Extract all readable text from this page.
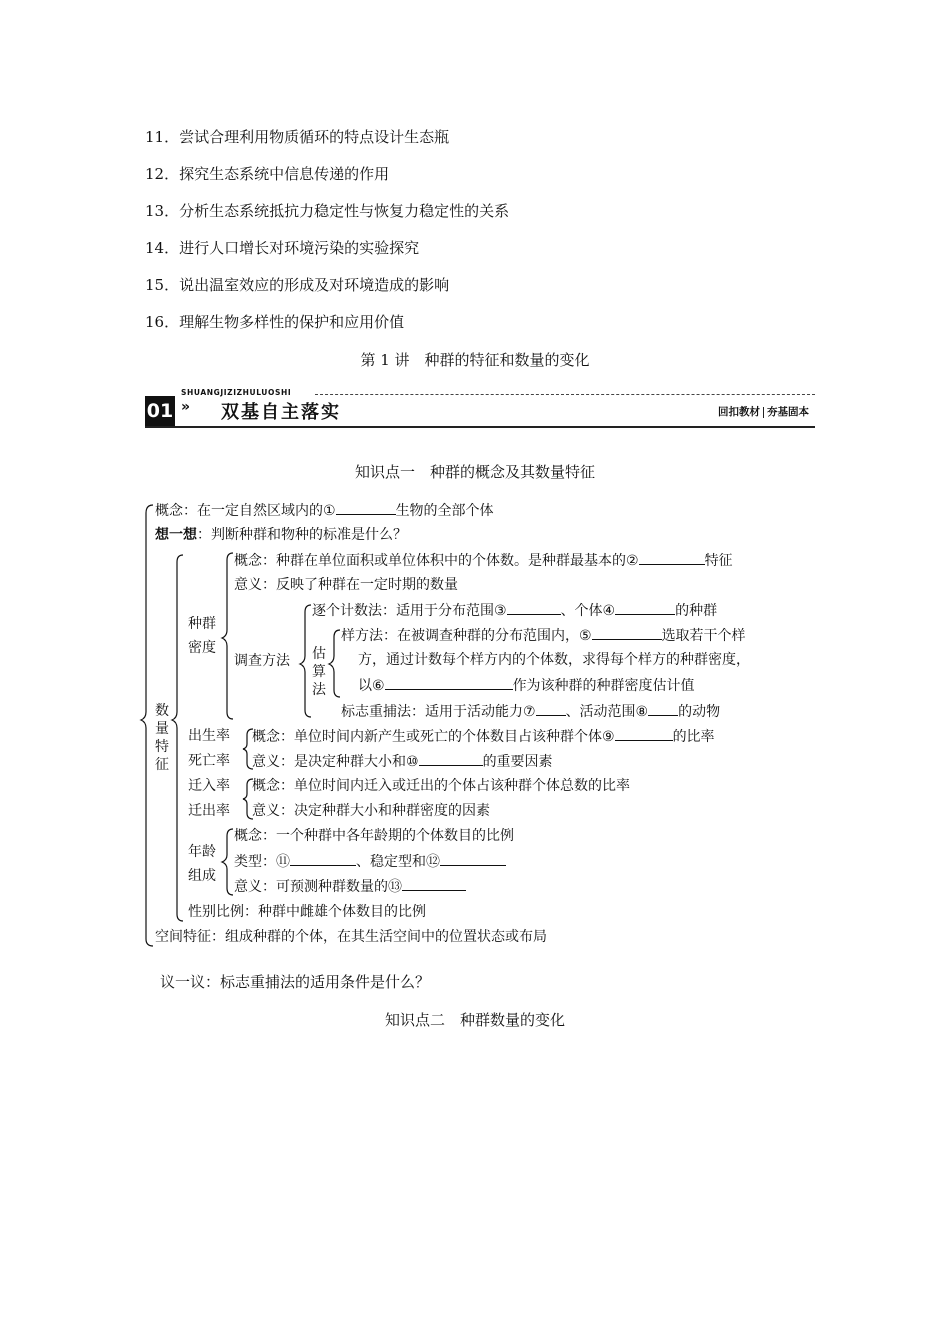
11．尝试合理利用物质循环的特点设计生态瓶
12．探究生态系统中信息传递的作用
13．分析生态系统抵抗力稳定性与恢复力稳定性的关系
14．进行人口增长对环境污染的实验探究
15．说出温室效应的形成及对环境造成的影响
16．理解生物多样性的保护和应用价值
第 1 讲　种群的特征和数量的变化
01
SHUANGJIZIZHULUOSHI
» 双基自主落实	回扣教材 夯基固本
知识点一　种群的概念及其数量特征
概念：在一定自然区域内的①	生物的全部个体
想一想：判断种群和物种的标准是什么？
数量特征
种群密度
概念：种群在单位面积或单位体积中的个体数。是种群最基本的②	特征
意义：反映了种群在一定时期的数量
调查方法
逐个计数法：适用于分布范围③	、个体④	的种群
估算法
样方法：在被调查种群的分布范围内，⑤	选取若干个样
方，通过计数每个样方内的个体数，求得每个样方的种群密度，
以⑥	作为该种群的种群密度估计值
标志重捕法：适用于活动能力⑦ 、活动范围⑧ 的动物
出生率
死亡率
概念：单位时间内新产生或死亡的个体数目占该种群个体⑨	的比率
意义：是决定种群大小和⑩	的重要因素
迁入率
迁出率
概念：单位时间内迁入或迁出的个体占该种群个体总数的比率
意义：决定种群大小和种群密度的因素
年龄组成
概念：一个种群中各年龄期的个体数目的比例
类型：⑪	、稳定型和⑫
意义：可预测种群数量的⑬
性别比例：种群中雌雄个体数目的比例
空间特征：组成种群的个体，在其生活空间中的位置状态或布局
议一议：标志重捕法的适用条件是什么？
知识点二　种群数量的变化
